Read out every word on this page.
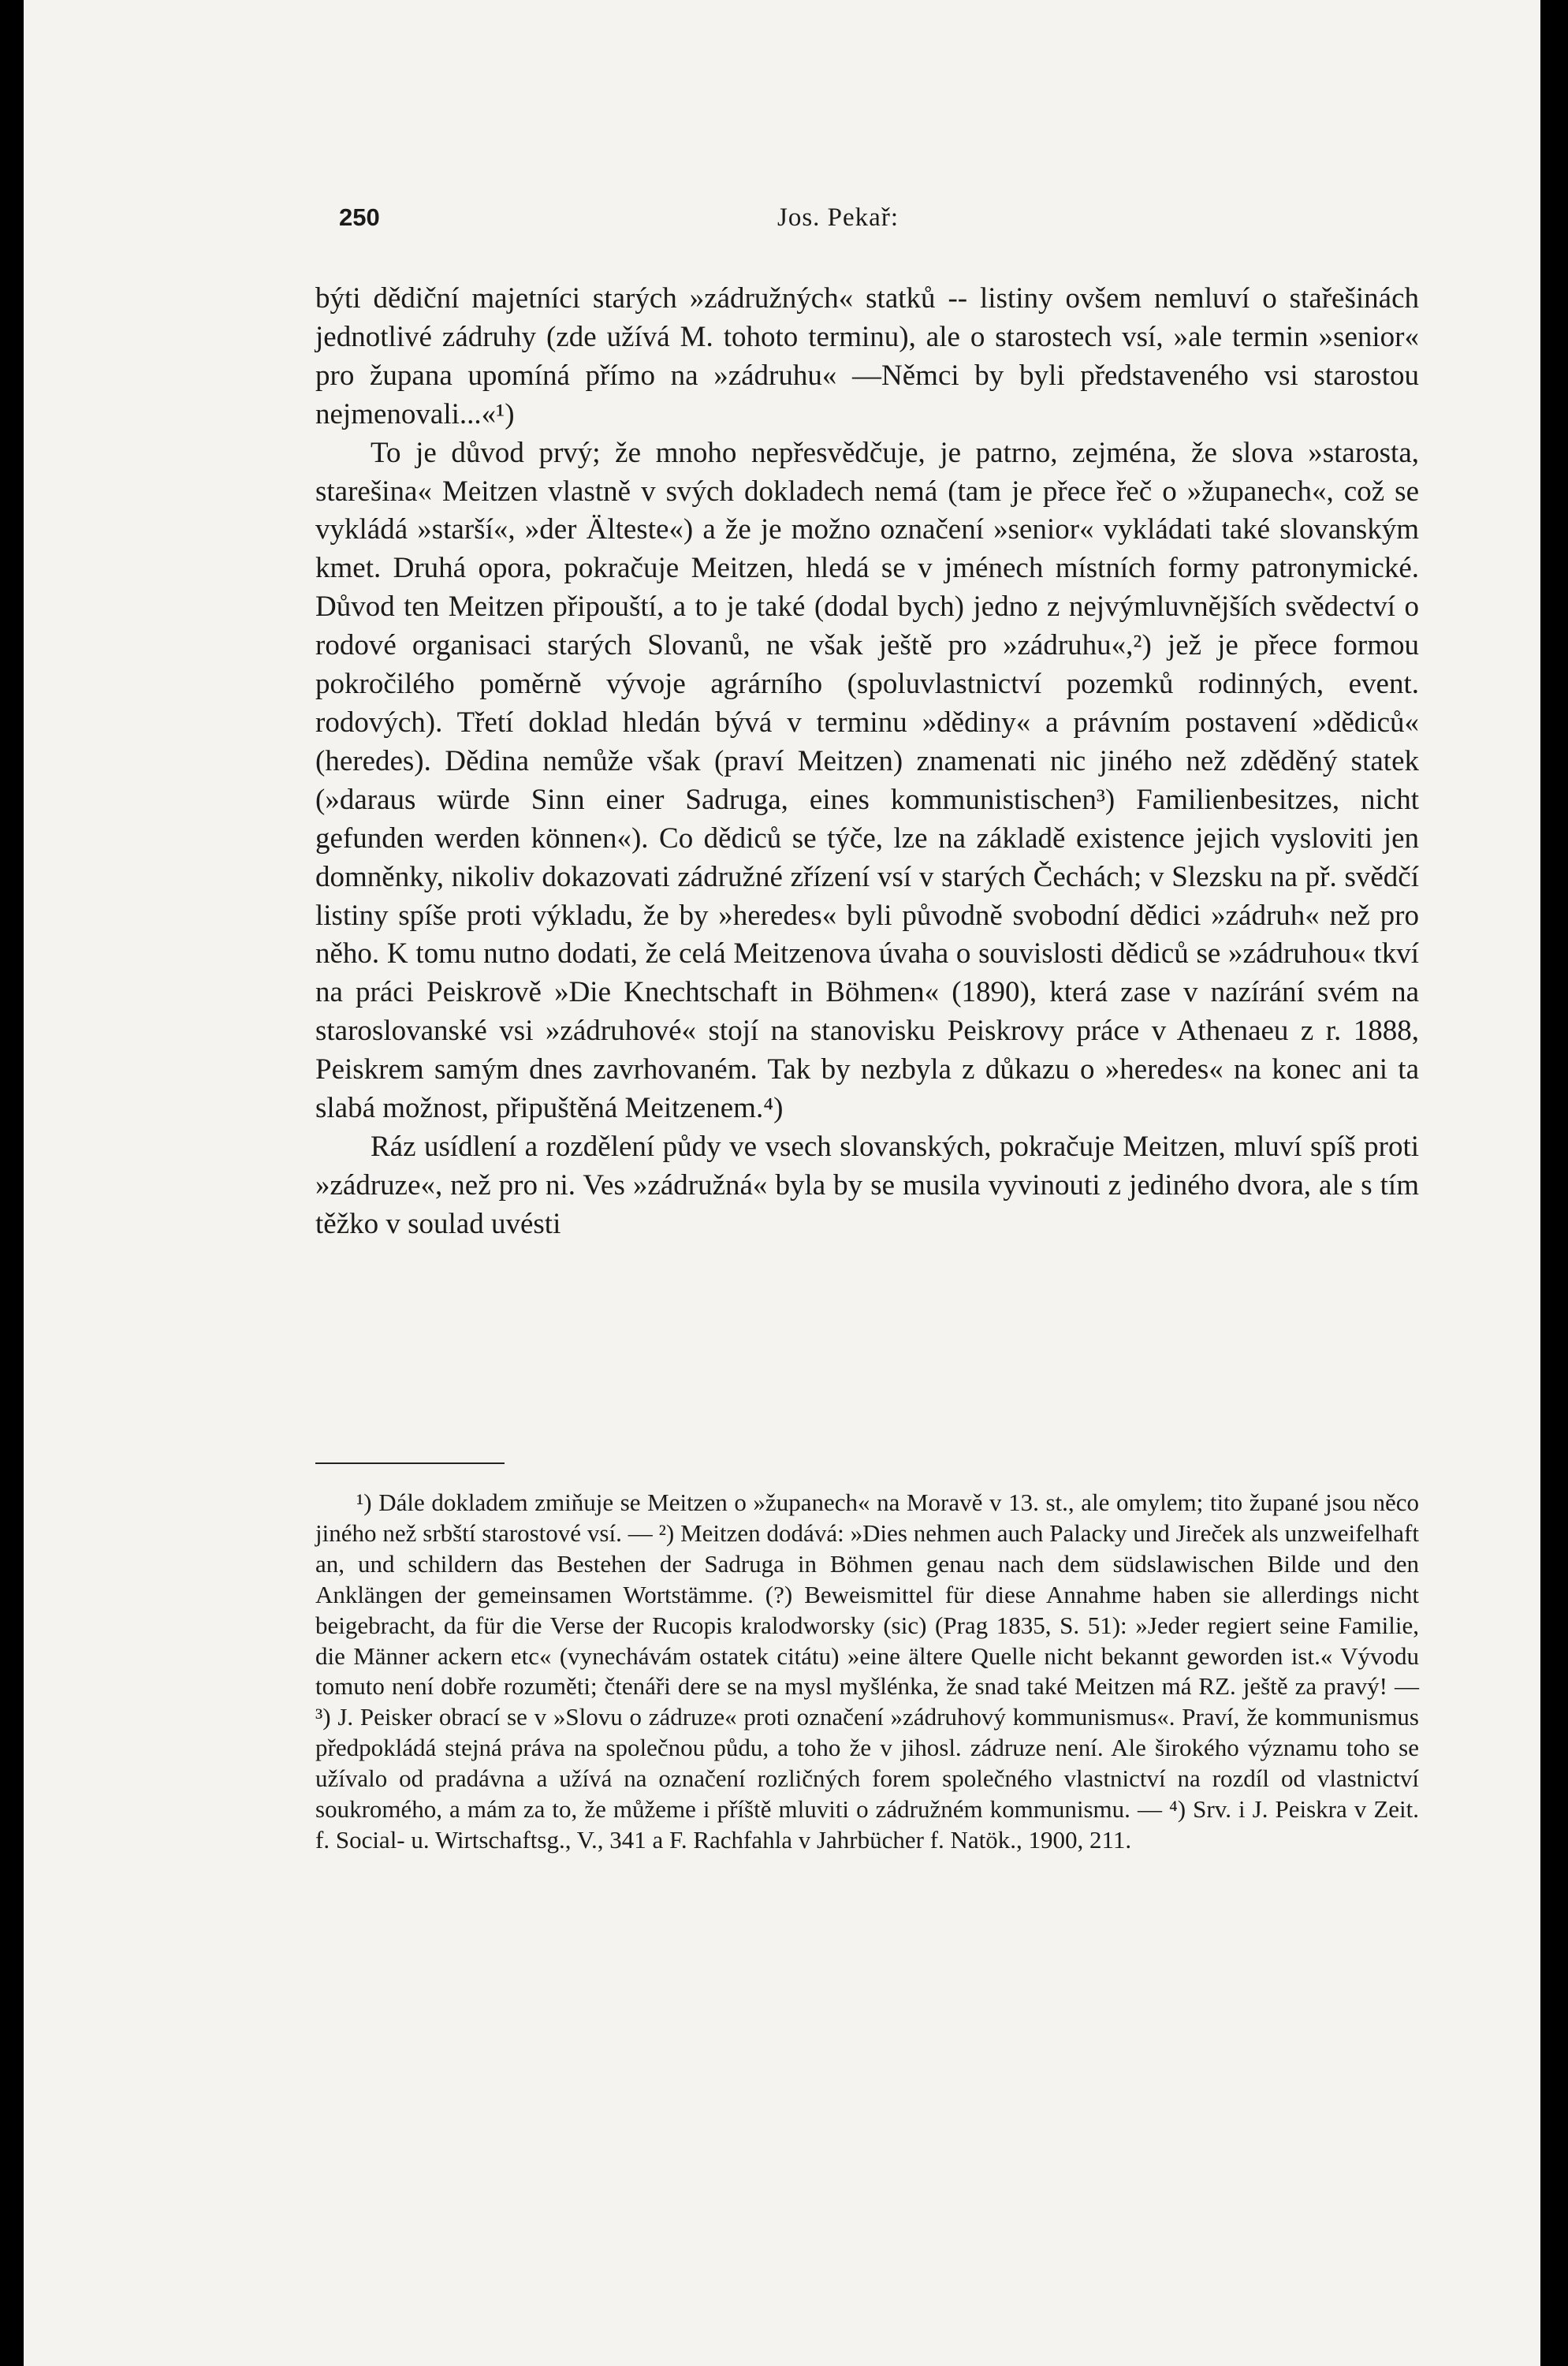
250	Jos. Pekař:

býti dědiční majetníci starých »zádružných« statků -- listiny ovšem nemluví o stařešinách jednotlivé zádruhy (zde užívá M. tohoto terminu), ale o starostech vsí, »ale termin »senior« pro župana upomíná přímo na »zádruhu« —Němci by byli představeného vsi starostou nejmenovali...«¹)

To je důvod prvý; že mnoho nepřesvědčuje, je patrno, zejména, že slova »starosta, starešina« Meitzen vlastně v svých dokladech nemá (tam je přece řeč o »županech«, což se vykládá »starší«, »der Älteste«) a že je možno označení »senior« vykládati také slovanským kmet. Druhá opora, pokračuje Meitzen, hledá se v jménech místních formy patronymické. Důvod ten Meitzen připouští, a to je také (dodal bych) jedno z nejvýmluvnějších svědectví o rodové organisaci starých Slovanů, ne však ještě pro »zádruhu«,²) jež je přece formou pokročilého poměrně vývoje agrárního (spoluvlastnictví pozemků rodinných, event. rodových). Třetí doklad hledán bývá v terminu »dědiny« a právním postavení »dědiců« (heredes). Dědina nemůže však (praví Meitzen) znamenati nic jiného než zděděný statek (»daraus würde Sinn einer Sadruga, eines kommunistischen³) Familienbesitzes, nicht gefunden werden können«). Co dědiců se týče, lze na základě existence jejich vysloviti jen domněnky, nikoliv dokazovati zádružné zřízení vsí v starých Čechách; v Slezsku na př. svědčí listiny spíše proti výkladu, že by »heredes« byli původně svobodní dědici »zádruh« než pro něho. K tomu nutno dodati, že celá Meitzenova úvaha o souvislosti dědiců se »zádruhou« tkví na práci Peiskrově »Die Knechtschaft in Böhmen« (1890), která zase v nazírání svém na staroslovanské vsi »zádruhové« stojí na stanovisku Peiskrovy práce v Athenaeu z r. 1888, Peiskrem samým dnes zavrhovaném. Tak by nezbyla z důkazu o »heredes« na konec ani ta slabá možnost, připuštěná Meitzenem.⁴)

Ráz usídlení a rozdělení půdy ve vsech slovanských, pokračuje Meitzen, mluví spíš proti »zádruze«, než pro ni. Ves »zádružná« byla by se musila vyvinouti z jediného dvora, ale s tím těžko v soulad uvésti

¹) Dále dokladem zmiňuje se Meitzen o »županech« na Moravě v 13. st., ale omylem; tito župané jsou něco jiného než srbští starostové vsí. — ²) Meitzen dodává: »Dies nehmen auch Palacky und Jireček als unzweifelhaft an, und schildern das Bestehen der Sadruga in Böhmen genau nach dem südslawischen Bilde und den Anklängen der gemeinsamen Wortstämme. (?) Beweismittel für diese Annahme haben sie allerdings nicht beigebracht, da für die Verse der Rucopis kralodworsky (sic) (Prag 1835, S. 51): »Jeder regiert seine Familie, die Männer ackern etc« (vynechávám ostatek citátu) »eine ältere Quelle nicht bekannt geworden ist.« Vývodu tomuto není dobře rozuměti; čtenáři dere se na mysl myšlénka, že snad také Meitzen má RZ. ještě za pravý! — ³) J. Peisker obrací se v »Slovu o zádruze« proti označení »zádruhový kommunismus«. Praví, že kommunismus předpokládá stejná práva na společnou půdu, a toho že v jihosl. zádruze není. Ale širokého významu toho se užívalo od pradávna a užívá na označení rozličných forem společného vlastnictví na rozdíl od vlastnictví soukromého, a mám za to, že můžeme i příště mluviti o zádružném kommunismu. — ⁴) Srv. i J. Peiskra v Zeit. f. Social- u. Wirtschaftsg., V., 341 a F. Rachfahla v Jahrbücher f. Natök., 1900, 211.
